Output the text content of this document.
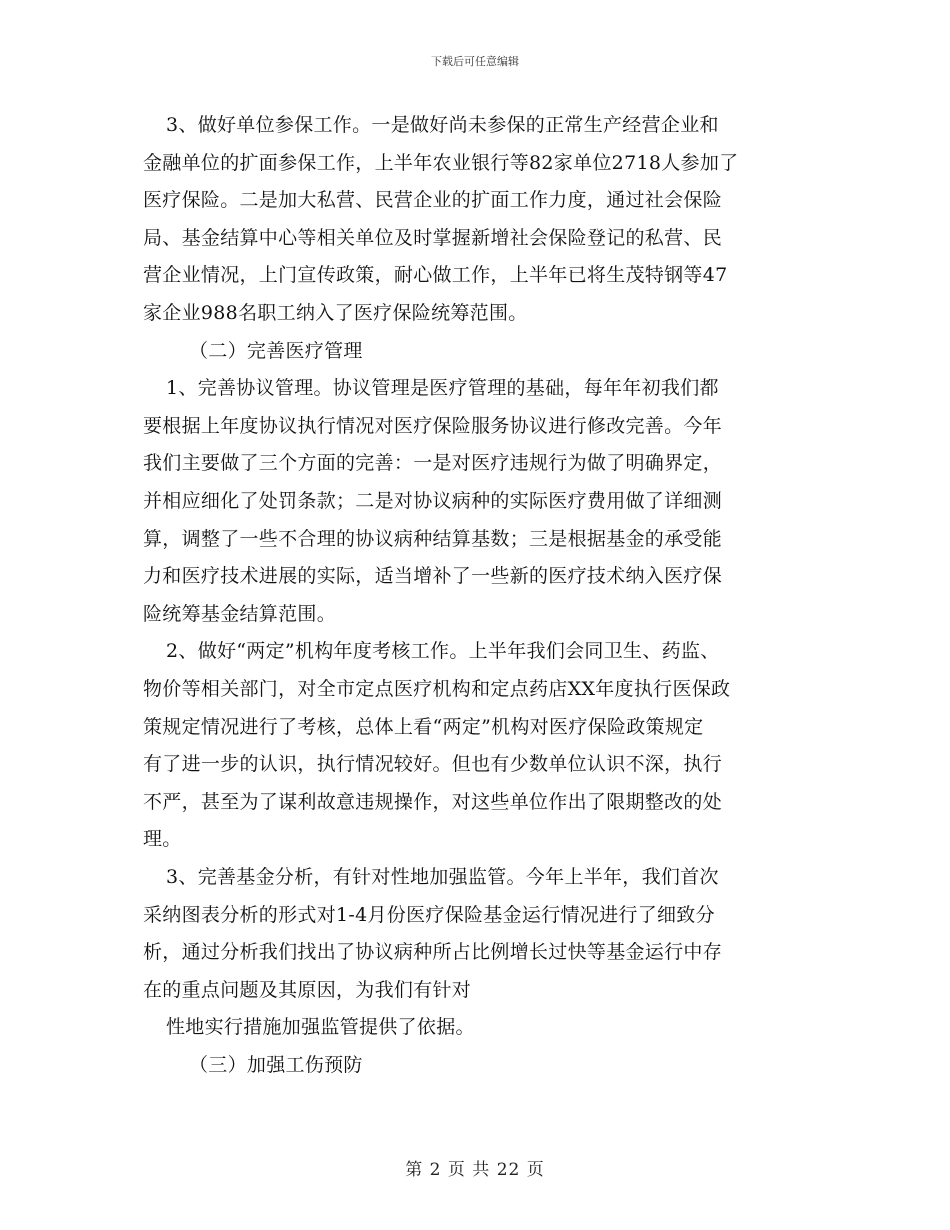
下载后可任意编辑
3、做好单位参保工作。一是做好尚未参保的正常生产经营企业和
金融单位的扩面参保工作，上半年农业银行等82家单位2718人参加了
医疗保险。二是加大私营、民营企业的扩面工作力度，通过社会保险
局、基金结算中心等相关单位及时掌握新增社会保险登记的私营、民
营企业情况，上门宣传政策，耐心做工作，上半年已将生茂特钢等47
家企业988名职工纳入了医疗保险统筹范围。
（二）完善医疗管理
1、完善协议管理。协议管理是医疗管理的基础，每年年初我们都
要根据上年度协议执行情况对医疗保险服务协议进行修改完善。今年
我们主要做了三个方面的完善：一是对医疗违规行为做了明确界定，
并相应细化了处罚条款；二是对协议病种的实际医疗费用做了详细测
算，调整了一些不合理的协议病种结算基数；三是根据基金的承受能
力和医疗技术进展的实际，适当增补了一些新的医疗技术纳入医疗保
险统筹基金结算范围。
2、做好“两定”机构年度考核工作。上半年我们会同卫生、药监、
物价等相关部门，对全市定点医疗机构和定点药店XX年度执行医保政
策规定情况进行了考核，总体上看“两定”机构对医疗保险政策规定
有了进一步的认识，执行情况较好。但也有少数单位认识不深，执行
不严，甚至为了谋利故意违规操作，对这些单位作出了限期整改的处
理。
3、完善基金分析，有针对性地加强监管。今年上半年，我们首次
采纳图表分析的形式对1-4月份医疗保险基金运行情况进行了细致分
析，通过分析我们找出了协议病种所占比例增长过快等基金运行中存
在的重点问题及其原因，为我们有针对
性地实行措施加强监管提供了依据。
（三）加强工伤预防
第 2 页 共 22 页
